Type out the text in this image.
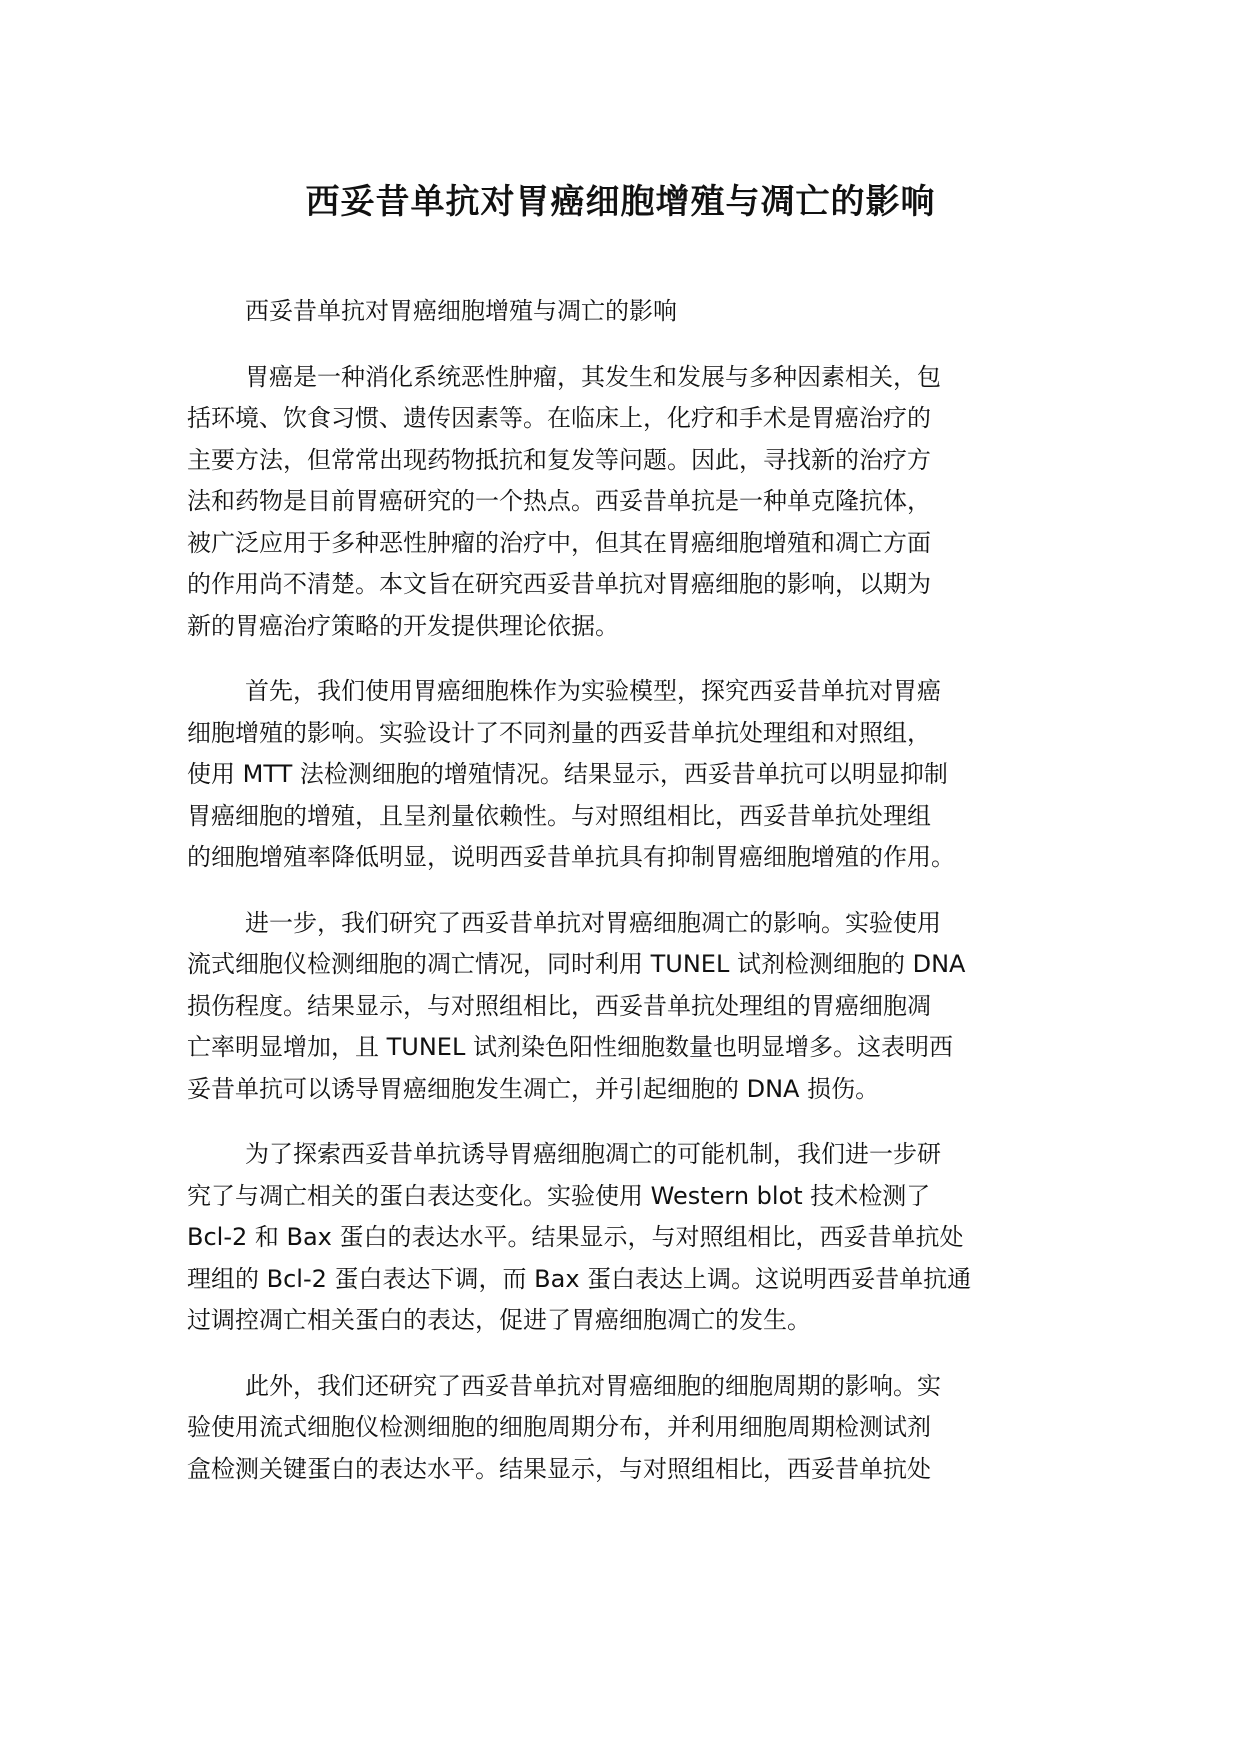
西妥昔单抗对胃癌细胞增殖与凋亡的影响

西妥昔单抗对胃癌细胞增殖与凋亡的影响

胃癌是一种消化系统恶性肿瘤，其发生和发展与多种因素相关，包
括环境、饮食习惯、遗传因素等。在临床上，化疗和手术是胃癌治疗的
主要方法，但常常出现药物抵抗和复发等问题。因此，寻找新的治疗方
法和药物是目前胃癌研究的一个热点。西妥昔单抗是一种单克隆抗体，
被广泛应用于多种恶性肿瘤的治疗中，但其在胃癌细胞增殖和凋亡方面
的作用尚不清楚。本文旨在研究西妥昔单抗对胃癌细胞的影响，以期为
新的胃癌治疗策略的开发提供理论依据。

首先，我们使用胃癌细胞株作为实验模型，探究西妥昔单抗对胃癌
细胞增殖的影响。实验设计了不同剂量的西妥昔单抗处理组和对照组，
使用 MTT 法检测细胞的增殖情况。结果显示，西妥昔单抗可以明显抑制
胃癌细胞的增殖，且呈剂量依赖性。与对照组相比，西妥昔单抗处理组
的细胞增殖率降低明显，说明西妥昔单抗具有抑制胃癌细胞增殖的作用。

进一步，我们研究了西妥昔单抗对胃癌细胞凋亡的影响。实验使用
流式细胞仪检测细胞的凋亡情况，同时利用 TUNEL 试剂检测细胞的 DNA
损伤程度。结果显示，与对照组相比，西妥昔单抗处理组的胃癌细胞凋
亡率明显增加，且 TUNEL 试剂染色阳性细胞数量也明显增多。这表明西
妥昔单抗可以诱导胃癌细胞发生凋亡，并引起细胞的 DNA 损伤。

为了探索西妥昔单抗诱导胃癌细胞凋亡的可能机制，我们进一步研
究了与凋亡相关的蛋白表达变化。实验使用 Western blot 技术检测了
Bcl-2 和 Bax 蛋白的表达水平。结果显示，与对照组相比，西妥昔单抗处
理组的 Bcl-2 蛋白表达下调，而 Bax 蛋白表达上调。这说明西妥昔单抗通
过调控凋亡相关蛋白的表达，促进了胃癌细胞凋亡的发生。

此外，我们还研究了西妥昔单抗对胃癌细胞的细胞周期的影响。实
验使用流式细胞仪检测细胞的细胞周期分布，并利用细胞周期检测试剂
盒检测关键蛋白的表达水平。结果显示，与对照组相比，西妥昔单抗处
